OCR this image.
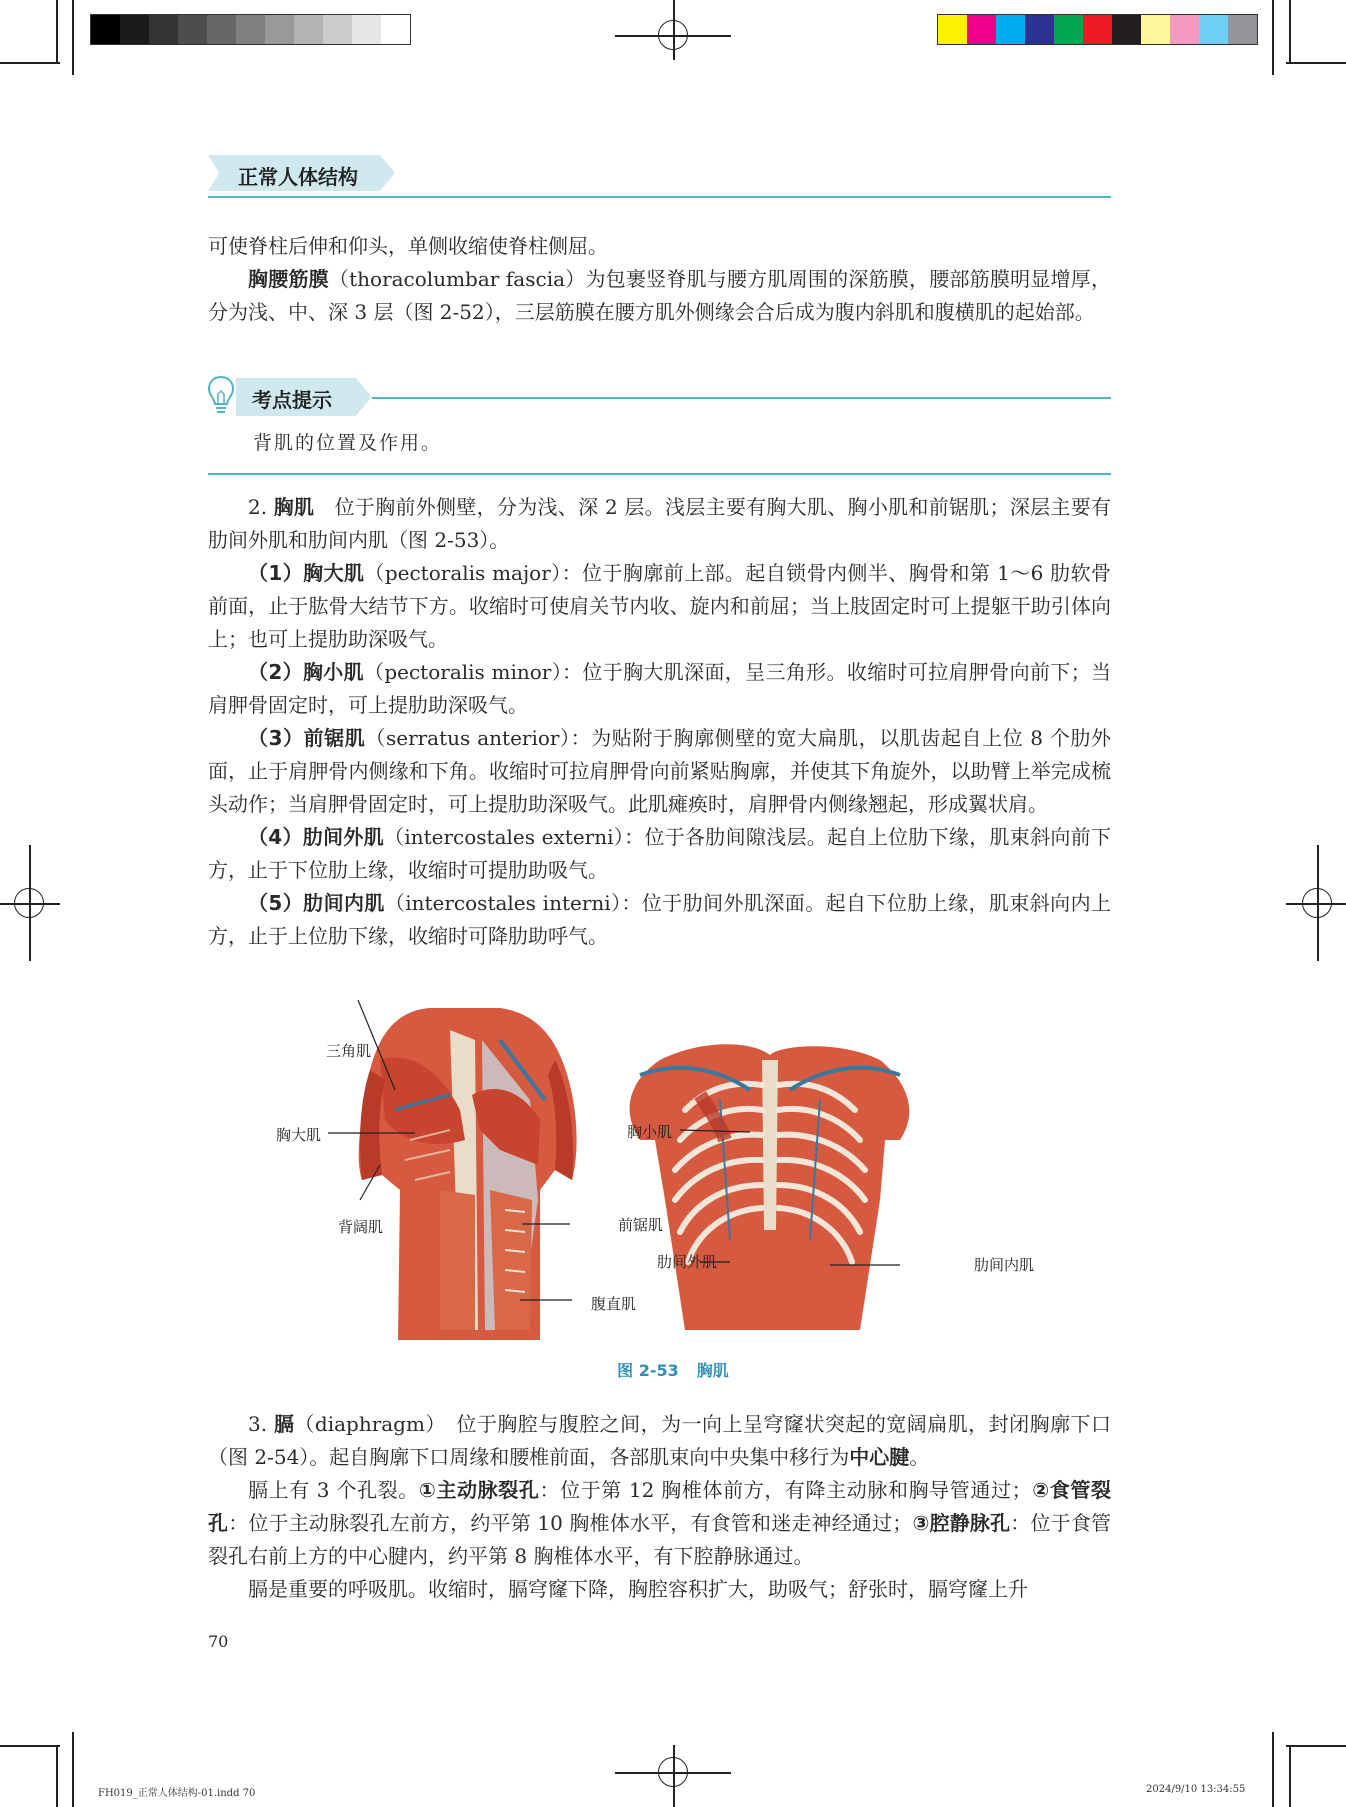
正常人体结构

可使脊柱后伸和仰头，单侧收缩使脊柱侧屈。

胸腰筋膜（thoracolumbar fascia）为包裹竖脊肌与腰方肌周围的深筋膜，腰部筋膜明显增厚，分为浅、中、深 3 层（图 2-52），三层筋膜在腰方肌外侧缘会合后成为腹内斜肌和腹横肌的起始部。

考点提示
背肌的位置及作用。

2. 胸肌　位于胸前外侧壁，分为浅、深 2 层。浅层主要有胸大肌、胸小肌和前锯肌；深层主要有肋间外肌和肋间内肌（图 2-53）。

（1）胸大肌（pectoralis major）：位于胸廓前上部。起自锁骨内侧半、胸骨和第 1～6 肋软骨前面，止于肱骨大结节下方。收缩时可使肩关节内收、旋内和前屈；当上肢固定时可上提躯干助引体向上；也可上提肋助深吸气。

（2）胸小肌（pectoralis minor）：位于胸大肌深面，呈三角形。收缩时可拉肩胛骨向前下；当肩胛骨固定时，可上提肋助深吸气。

（3）前锯肌（serratus anterior）：为贴附于胸廓侧壁的宽大扁肌，以肌齿起自上位 8 个肋外面，止于肩胛骨内侧缘和下角。收缩时可拉肩胛骨向前紧贴胸廓，并使其下角旋外，以助臂上举完成梳头动作；当肩胛骨固定时，可上提肋助深吸气。此肌瘫痪时，肩胛骨内侧缘翘起，形成翼状肩。

（4）肋间外肌（intercostales externi）：位于各肋间隙浅层。起自上位肋下缘，肌束斜向前下方，止于下位肋上缘，收缩时可提肋助吸气。

（5）肋间内肌（intercostales interni）：位于肋间外肌深面。起自下位肋上缘，肌束斜向内上方，止于上位肋下缘，收缩时可降肋助呼气。

三角肌
胸大肌
背阔肌	前锯肌
腹直肌
胸小肌
肋间外肌	肋间内肌
图 2-53 胸肌

3. 膈（diaphragm）　位于胸腔与腹腔之间，为一向上呈穹窿状突起的宽阔扁肌，封闭胸廓下口（图 2-54）。起自胸廓下口周缘和腰椎前面，各部肌束向中央集中移行为中心腱。

膈上有 3 个孔裂。①主动脉裂孔：位于第 12 胸椎体前方，有降主动脉和胸导管通过；②食管裂孔：位于主动脉裂孔左前方，约平第 10 胸椎体水平，有食管和迷走神经通过；③腔静脉孔：位于食管裂孔右前上方的中心腱内，约平第 8 胸椎体水平，有下腔静脉通过。

膈是重要的呼吸肌。收缩时，膈穹窿下降，胸腔容积扩大，助吸气；舒张时，膈穹窿上升

70
FH019_正常人体结构-01.indd 70	2024/9/10 13:34:55
